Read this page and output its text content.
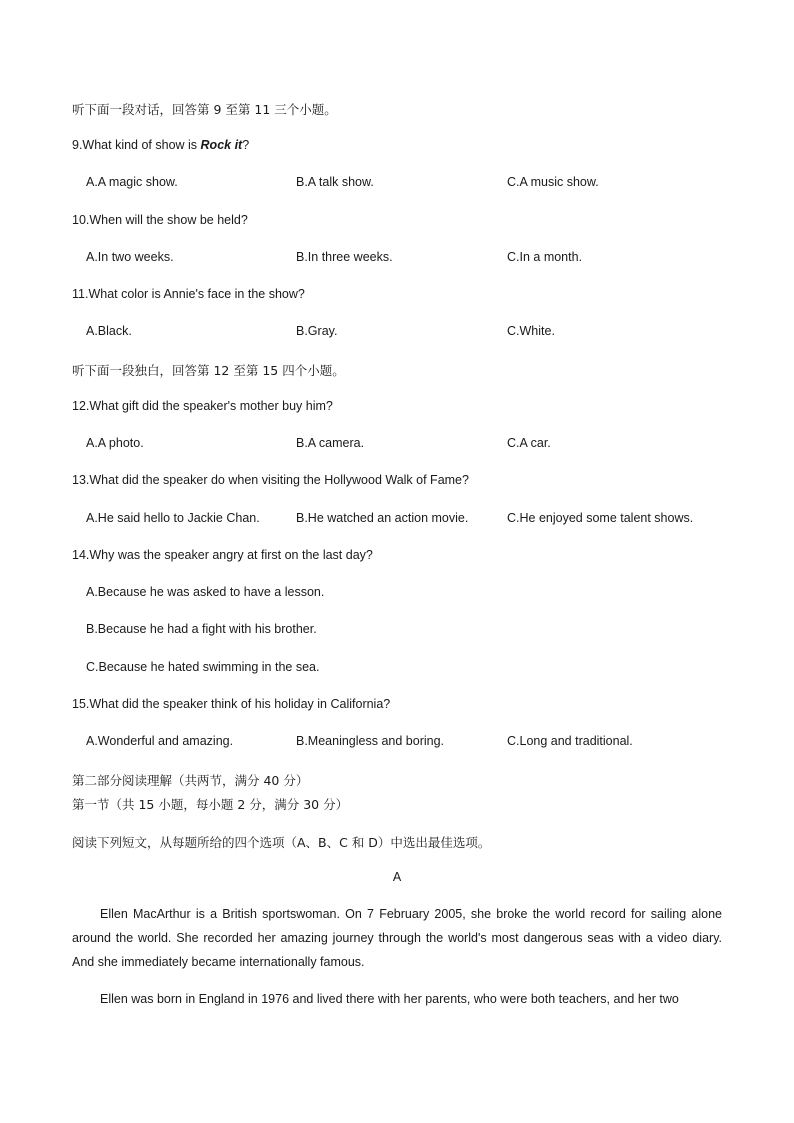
听下面一段对话，回答第 9 至第 11 三个小题。
9.What kind of show is Rock it?
A.A magic show.	B.A talk show.	C.A music show.
10.When will the show be held?
A.In two weeks.	B.In three weeks.	C.In a month.
11.What color is Annie's face in the show?
A.Black.	B.Gray.	C.White.
听下面一段独白，回答第 12 至第 15 四个小题。
12.What gift did the speaker's mother buy him?
A.A photo.	B.A camera.	C.A car.
13.What did the speaker do when visiting the Hollywood Walk of Fame?
A.He said hello to Jackie Chan.	B.He watched an action movie.	C.He enjoyed some talent shows.
14.Why was the speaker angry at first on the last day?
A.Because he was asked to have a lesson.
B.Because he had a fight with his brother.
C.Because he hated swimming in the sea.
15.What did the speaker think of his holiday in California?
A.Wonderful and amazing.	B.Meaningless and boring.	C.Long and traditional.
第二部分阅读理解（共两节，满分 40 分）
第一节（共 15 小题，每小题 2 分，满分 30 分）
阅读下列短文，从每题所给的四个选项（A、B、C 和 D）中选出最佳选项。
A
Ellen MacArthur is a British sportswoman. On 7 February 2005, she broke the world record for sailing alone around the world. She recorded her amazing journey through the world's most dangerous seas with a video diary. And she immediately became internationally famous.
Ellen was born in England in 1976 and lived there with her parents, who were both teachers, and her two
